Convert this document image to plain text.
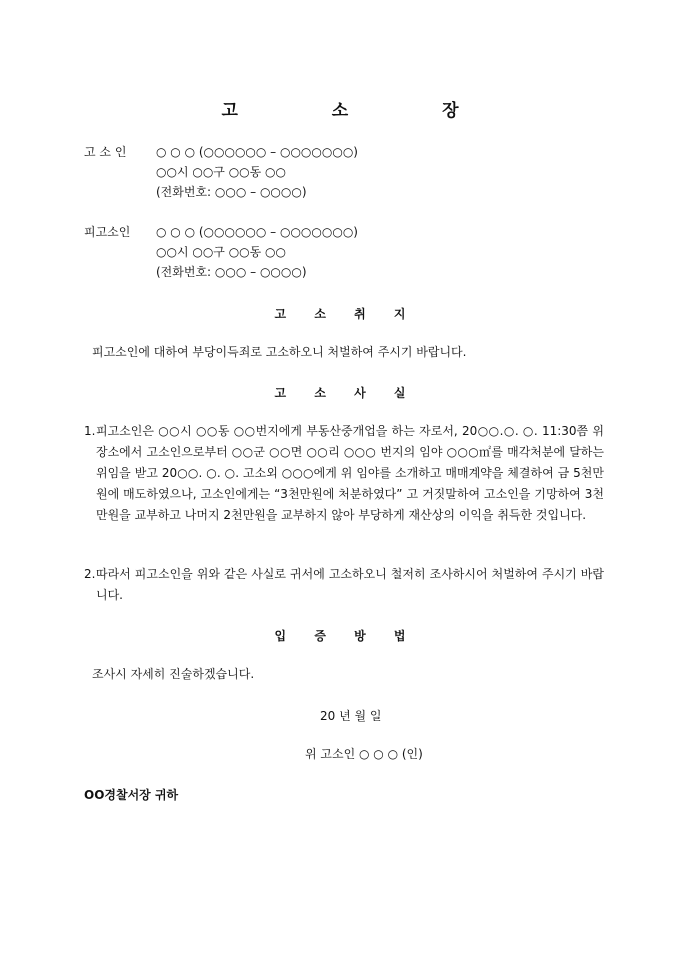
고 소 장
고 소 인 ○ ○ ○ (○○○○○○ – ○○○○○○○)
○○시 ○○구 ○○동 ○○
(전화번호: ○○○ – ○○○○)
피고소인 ○ ○ ○ (○○○○○○ – ○○○○○○○)
○○시 ○○구 ○○동 ○○
(전화번호: ○○○ – ○○○○)
고 소 취 지
피고소인에 대하여 부당이득죄로 고소하오니 처벌하여 주시기 바랍니다.
고 소 사 실
1. 피고소인은 ○○시 ○○동 ○○번지에게 부동산중개업을 하는 자로서, 20○○.○. ○. 11:30쯤 위 장소에서 고소인으로부터 ○○군 ○○면 ○○리 ○○○ 번지의 임야 ○○○㎡를 매각처분에 달하는 위임을 받고 20○○. ○. ○. 고소외 ○○○에게 위 임야를 소개하고 매매계약을 체결하여 금 5천만원에 매도하였으나, 고소인에게는 “3천만원에 처분하였다” 고 거짓말하여 고소인을 기망하여 3천만원을 교부하고 나머지 2천만원을 교부하지 않아 부당하게 재산상의 이익을 취득한 것입니다.
2. 따라서 피고소인을 위와 같은 사실로 귀서에 고소하오니 철저히 조사하시어 처벌하여 주시기 바랍니다.
입 증 방 법
조사시 자세히 진술하겠습니다.
20 년 월 일
위 고소인 ○ ○ ○ (인)
OO경찰서장 귀하
